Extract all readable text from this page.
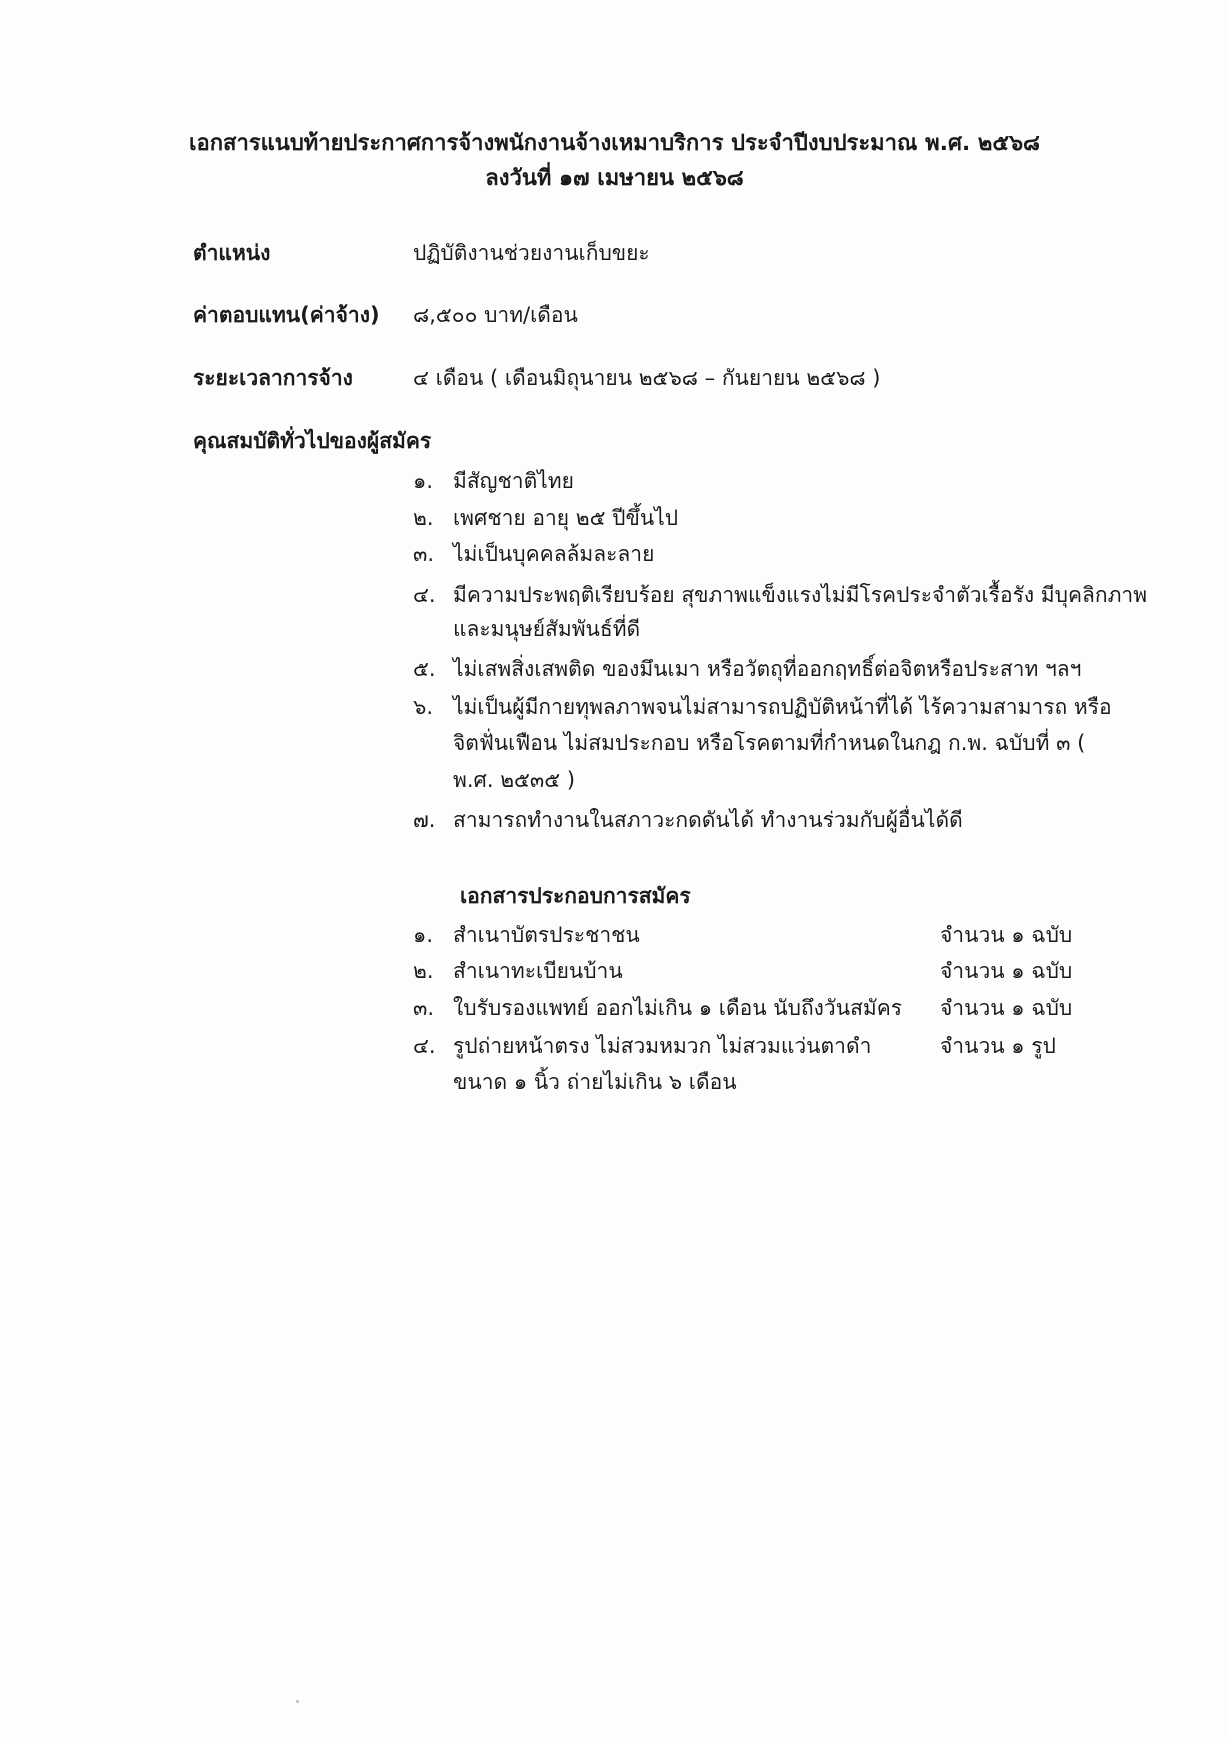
เอกสารแนบท้ายประกาศการจ้างพนักงานจ้างเหมาบริการ ประจำปีงบประมาณ พ.ศ. ๒๕๖๘
ลงวันที่ ๑๗ เมษายน ๒๕๖๘
ตำแหน่ง	ปฏิบัติงานช่วยงานเก็บขยะ
ค่าตอบแทน(ค่าจ้าง) ๘,๕๐๐ บาท/เดือน
ระยะเวลาการจ้าง	๔ เดือน ( เดือนมิถุนายน ๒๕๖๘ – กันยายน ๒๕๖๘ )
คุณสมบัติทั่วไปของผู้สมัคร
๑. มีสัญชาติไทย
๒. เพศชาย อายุ ๒๕ ปีขึ้นไป
๓. ไม่เป็นบุคคลล้มละลาย
๔. มีความประพฤติเรียบร้อย สุขภาพแข็งแรงไม่มีโรคประจำตัวเรื้อรัง มีบุคลิกภาพ
และมนุษย์สัมพันธ์ที่ดี
๕. ไม่เสพสิ่งเสพติด ของมึนเมา หรือวัตถุที่ออกฤทธิ์ต่อจิตหรือประสาท ฯลฯ
๖. ไม่เป็นผู้มีกายทุพลภาพจนไม่สามารถปฏิบัติหน้าที่ได้ ไร้ความสามารถ หรือ
จิตฟั่นเฟือน ไม่สมประกอบ หรือโรคตามที่กำหนดในกฎ ก.พ. ฉบับที่ ๓ (
พ.ศ. ๒๕๓๕ )
๗. สามารถทำงานในสภาวะกดดันได้ ทำงานร่วมกับผู้อื่นได้ดี
เอกสารประกอบการสมัคร
๑. สำเนาบัตรประชาชน	จำนวน ๑ ฉบับ
๒. สำเนาทะเบียนบ้าน	จำนวน ๑ ฉบับ
๓. ใบรับรองแพทย์ ออกไม่เกิน ๑ เดือน นับถึงวันสมัคร จำนวน ๑ ฉบับ
๔. รูปถ่ายหน้าตรง ไม่สวมหมวก ไม่สวมแว่นตาดำ	จำนวน ๑ รูป
ขนาด ๑ นิ้ว ถ่ายไม่เกิน ๖ เดือน
